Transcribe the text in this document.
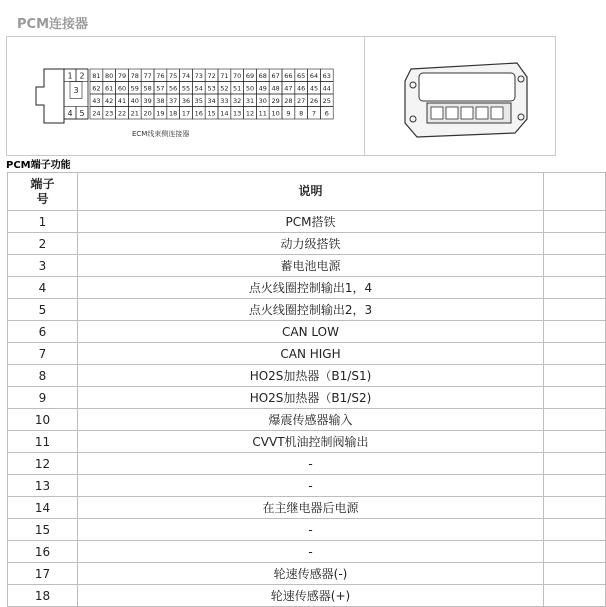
PCM连接器
1 2
3
4 5
81 80 79 78 77 76 75 74 73 72 71 70 69 68 67 66 65 64 63
62 61 60 59 58 57 56 55 54 53 52 51 50 49 48 47 46 45 44
43 42 41 40 39 38 37 36 35 34 33 32 31 30 29 28 27 26 25
24 23 22 21 20 19 18 17 16 15 14 13 12 11 10 9 8 7 6
ECM线束侧连接器
PCM端子功能
端子号	说明	
1	PCM搭铁	
2	动力级搭铁	
3	蓄电池电源	
4	点火线圈控制输出1，4	
5	点火线圈控制输出2，3	
6	CAN LOW	
7	CAN HIGH	
8	HO2S加热器（B1/S1)	
9	HO2S加热器（B1/S2)	
10	爆震传感器输入	
11	CVVT机油控制阀输出	
12	-	
13	-	
14	在主继电器后电源	
15	-	
16	-	
17	轮速传感器(-)	
18	轮速传感器(+)	
